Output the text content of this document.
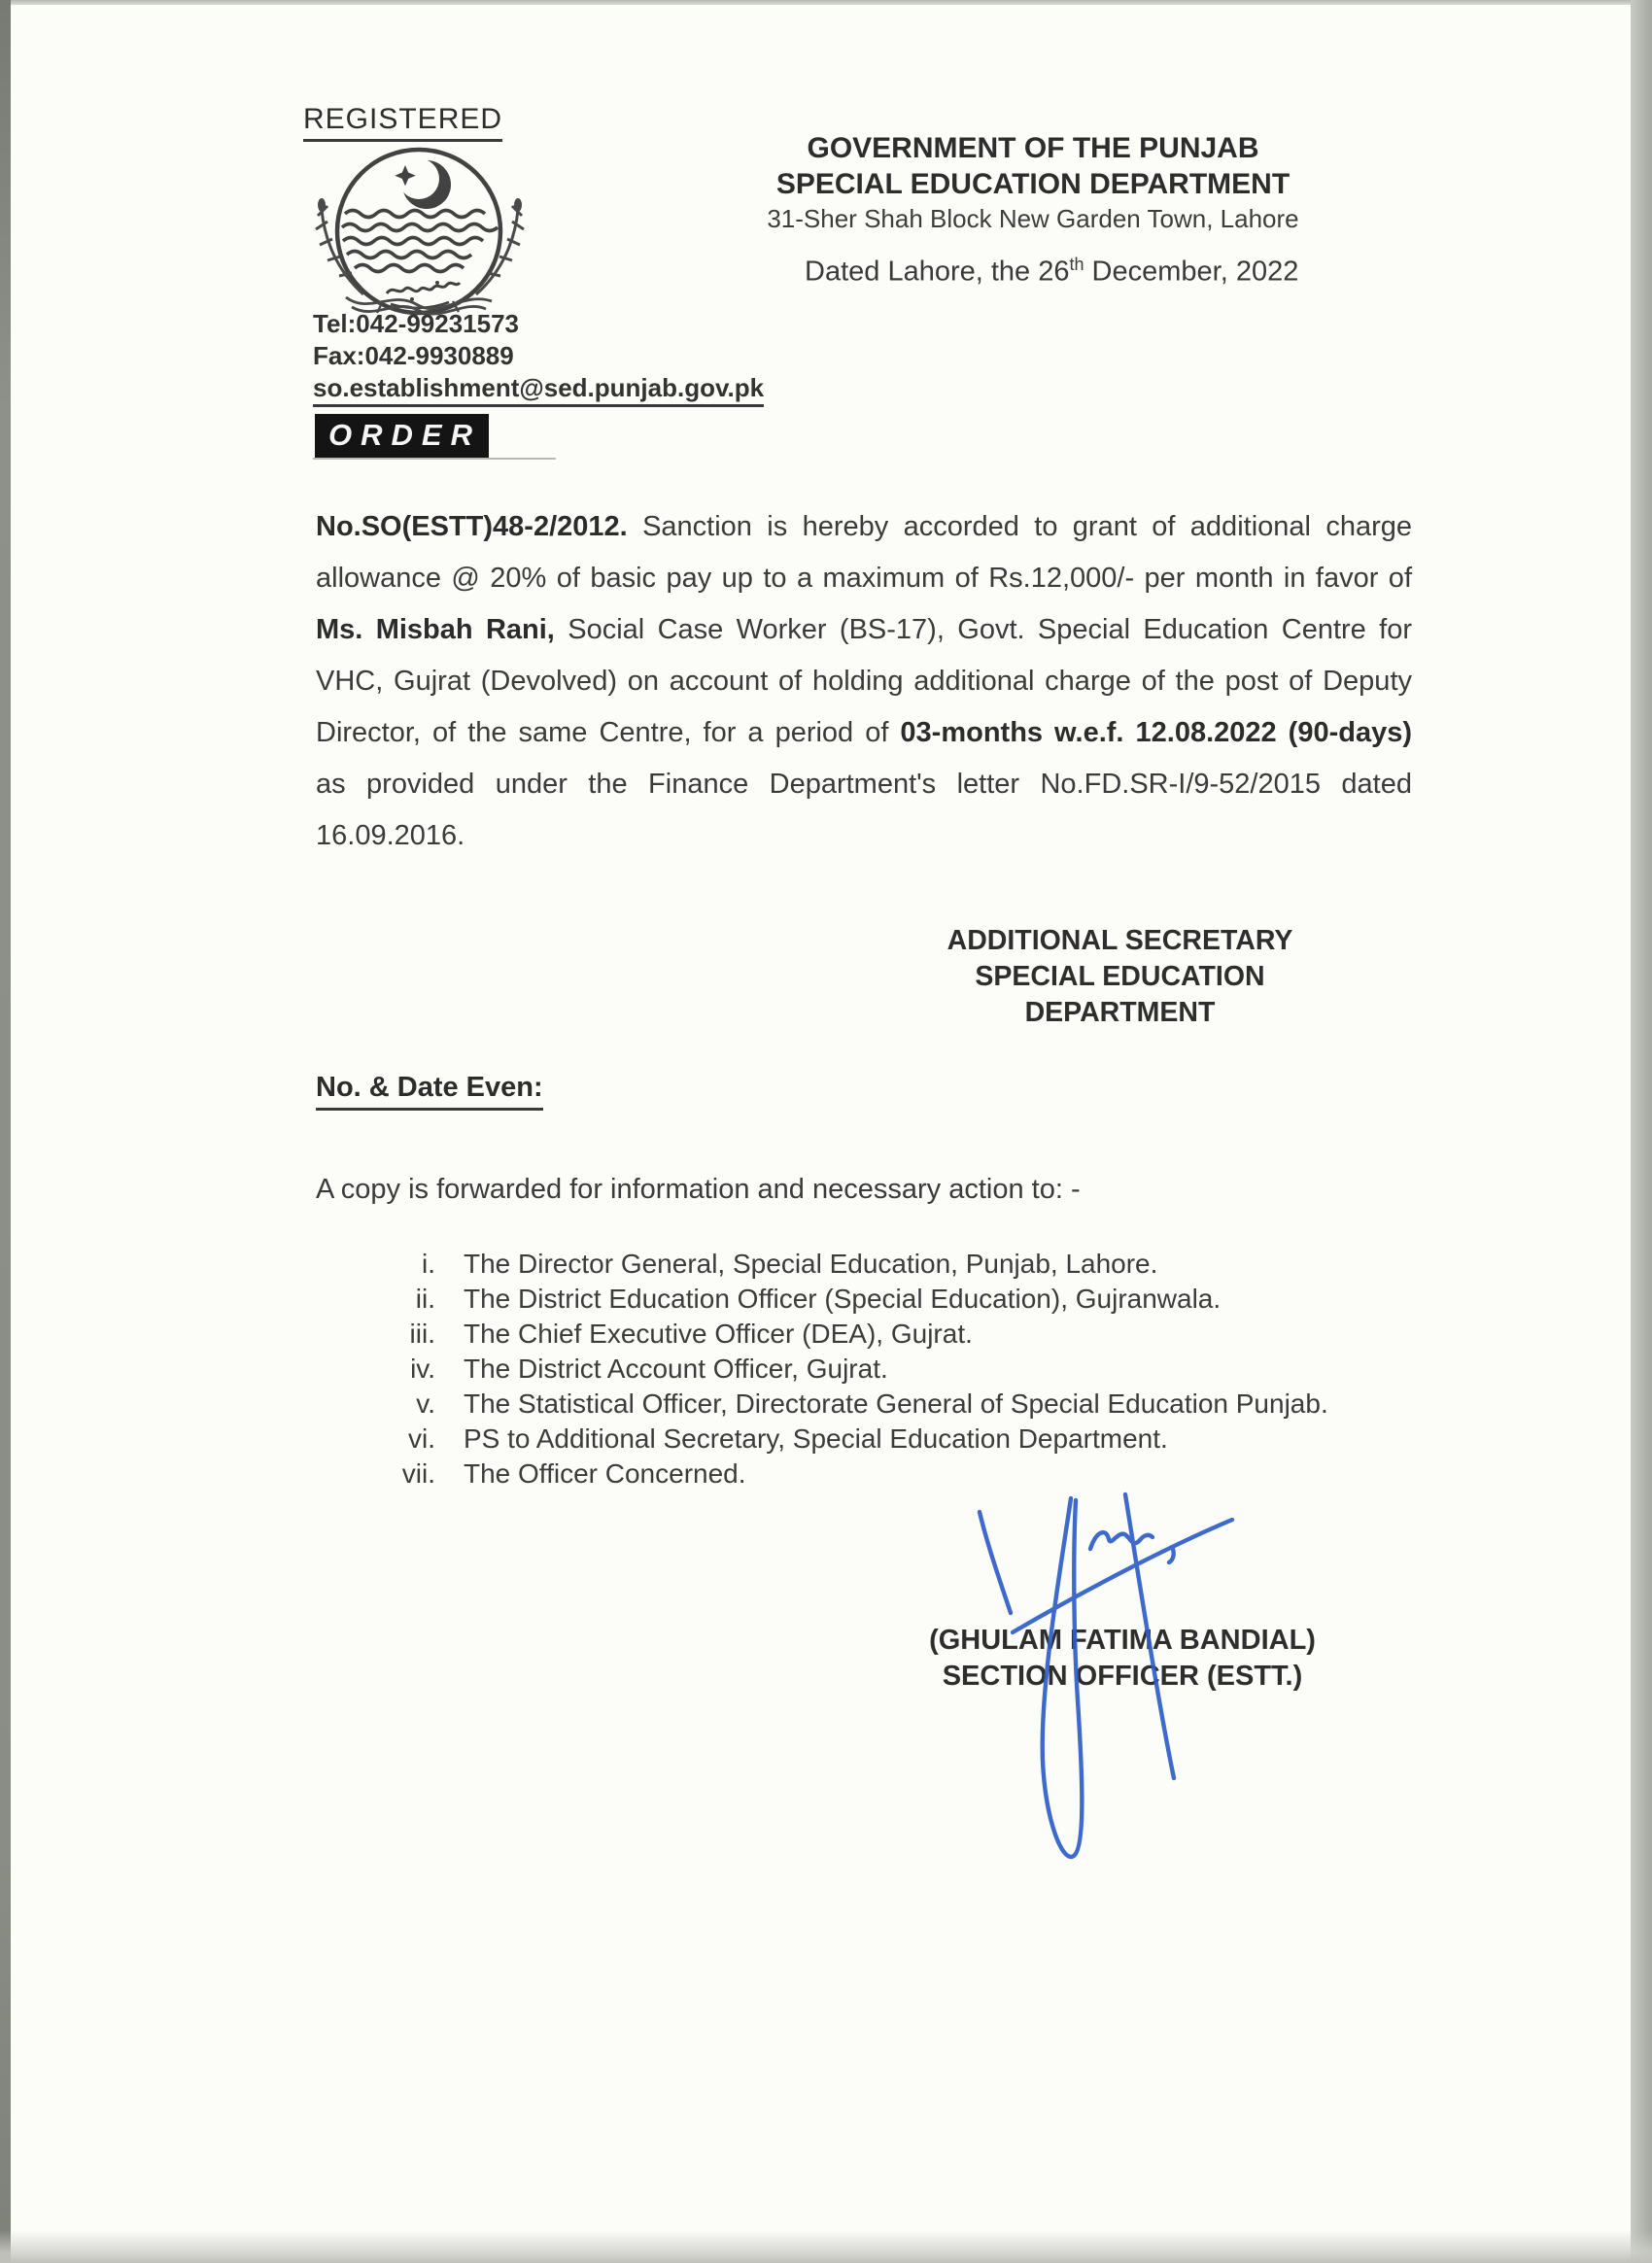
REGISTERED
Tel:042-99231573
Fax:042-9930889
so.establishment@sed.punjab.gov.pk
GOVERNMENT OF THE PUNJAB
SPECIAL EDUCATION DEPARTMENT
31-Sher Shah Block New Garden Town, Lahore
Dated Lahore, the 26th December, 2022
ORDER

No.SO(ESTT)48-2/2012. Sanction is hereby accorded to grant of additional charge allowance @ 20% of basic pay up to a maximum of Rs.12,000/- per month in favor of Ms. Misbah Rani, Social Case Worker (BS-17), Govt. Special Education Centre for VHC, Gujrat (Devolved) on account of holding additional charge of the post of Deputy Director, of the same Centre, for a period of 03-months w.e.f. 12.08.2022 (90-days) as provided under the Finance Department's letter No.FD.SR-I/9-52/2015 dated 16.09.2016.

ADDITIONAL SECRETARY
SPECIAL EDUCATION
DEPARTMENT
No. & Date Even:
A copy is forwarded for information and necessary action to: -
i. The Director General, Special Education, Punjab, Lahore.
ii. The District Education Officer (Special Education), Gujranwala.
iii. The Chief Executive Officer (DEA), Gujrat.
iv. The District Account Officer, Gujrat.
v. The Statistical Officer, Directorate General of Special Education Punjab.
vi. PS to Additional Secretary, Special Education Department.
vii. The Officer Concerned.
(GHULAM FATIMA BANDIAL)
SECTION OFFICER (ESTT.)
